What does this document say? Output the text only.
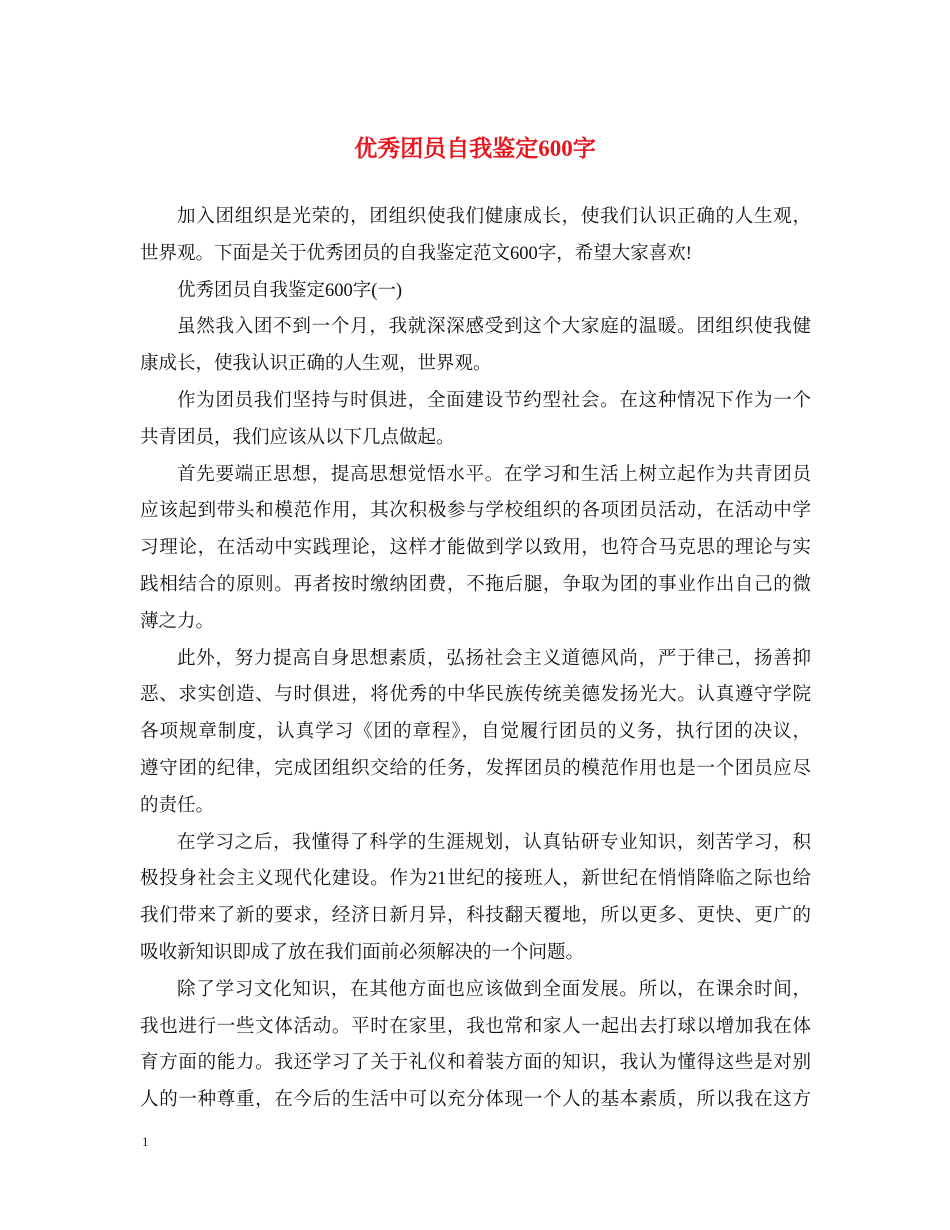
优秀团员自我鉴定600字
加入团组织是光荣的，团组织使我们健康成长，使我们认识正确的人生观，
世界观。下面是关于优秀团员的自我鉴定范文600字，希望大家喜欢!
优秀团员自我鉴定600字(一)
虽然我入团不到一个月，我就深深感受到这个大家庭的温暖。团组织使我健
康成长，使我认识正确的人生观，世界观。
作为团员我们坚持与时俱进，全面建设节约型社会。在这种情况下作为一个
共青团员，我们应该从以下几点做起。
首先要端正思想，提高思想觉悟水平。在学习和生活上树立起作为共青团员
应该起到带头和模范作用，其次积极参与学校组织的各项团员活动，在活动中学
习理论，在活动中实践理论，这样才能做到学以致用，也符合马克思的理论与实
践相结合的原则。再者按时缴纳团费，不拖后腿，争取为团的事业作出自己的微
薄之力。
此外，努力提高自身思想素质，弘扬社会主义道德风尚，严于律己，扬善抑
恶、求实创造、与时俱进，将优秀的中华民族传统美德发扬光大。认真遵守学院
各项规章制度，认真学习《团的章程》，自觉履行团员的义务，执行团的决议，
遵守团的纪律，完成团组织交给的任务，发挥团员的模范作用也是一个团员应尽
的责任。
在学习之后，我懂得了科学的生涯规划，认真钻研专业知识，刻苦学习，积
极投身社会主义现代化建设。作为21世纪的接班人，新世纪在悄悄降临之际也给
我们带来了新的要求，经济日新月异，科技翻天覆地，所以更多、更快、更广的
吸收新知识即成了放在我们面前必须解决的一个问题。
除了学习文化知识，在其他方面也应该做到全面发展。所以，在课余时间，
我也进行一些文体活动。平时在家里，我也常和家人一起出去打球以增加我在体
育方面的能力。我还学习了关于礼仪和着装方面的知识，我认为懂得这些是对别
人的一种尊重，在今后的生活中可以充分体现一个人的基本素质，所以我在这方
1
